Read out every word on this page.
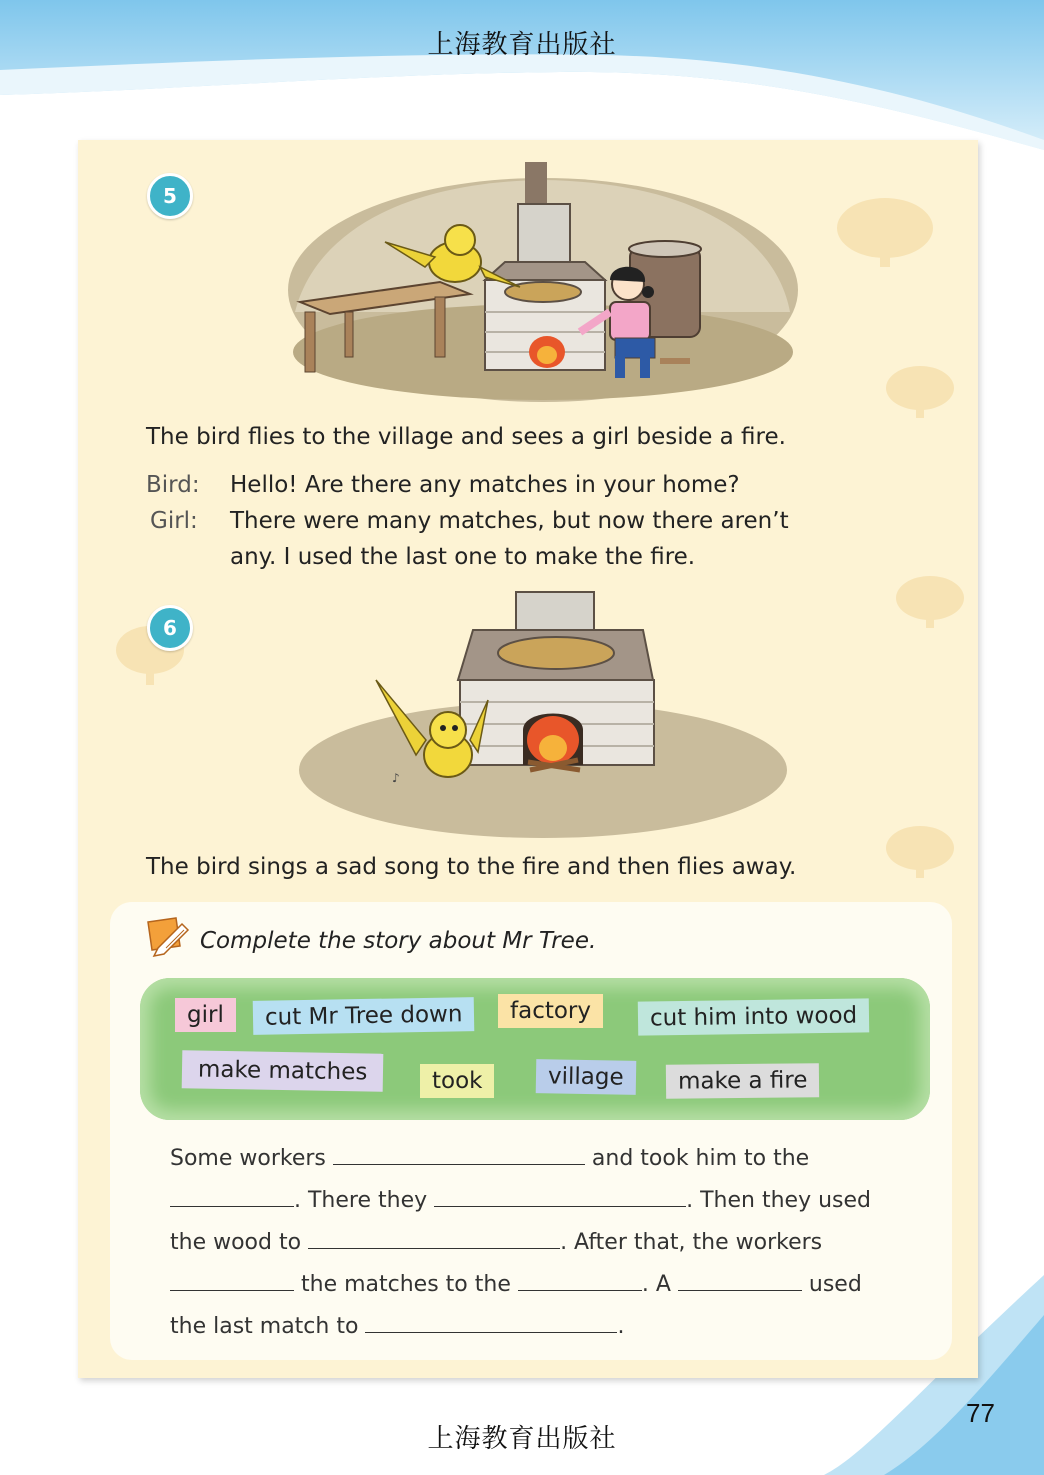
上海教育出版社
5
The bird flies to the village and sees a girl beside a fire.
Bird: Hello! Are there any matches in your home?
Girl: There were many matches, but now there aren’t
any. I used the last one to make the fire.
6
♪
The bird sings a sad song to the fire and then flies away.
Complete the story about Mr Tree.
girl	cut Mr Tree down	factory	cut him into wood
make matches	took	village	make a fire
Some workers	and took him to the
. There they	. Then they used
the wood to	. After that, the workers
the matches to the	. A	used
the last match to	.
77
上海教育出版社
